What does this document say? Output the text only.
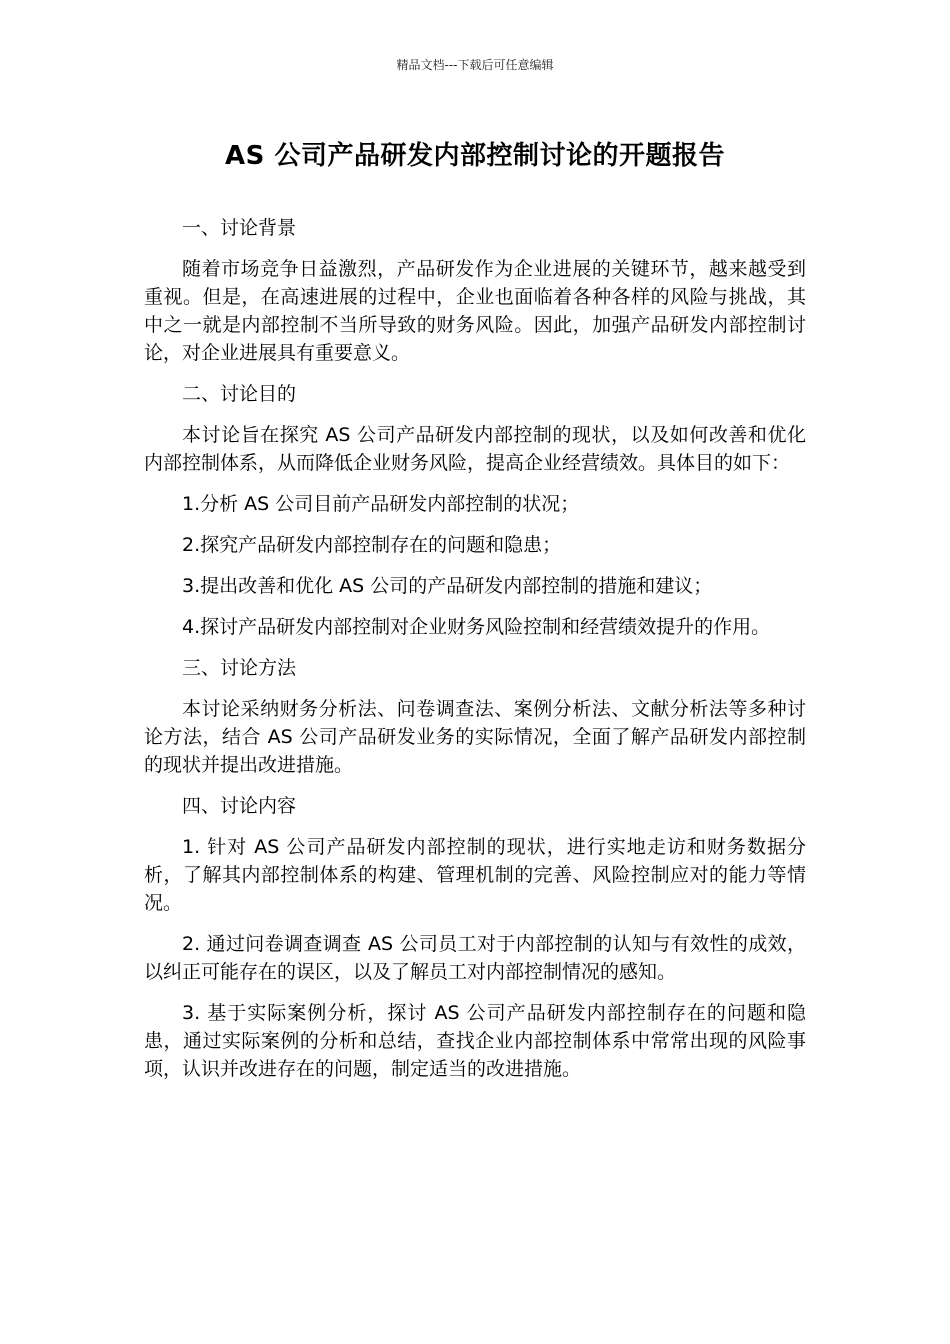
精品文档---下载后可任意编辑
AS 公司产品研发内部控制讨论的开题报告
一、讨论背景
随着市场竞争日益激烈，产品研发作为企业进展的关键环节，越来越受到重视。但是，在高速进展的过程中，企业也面临着各种各样的风险与挑战，其中之一就是内部控制不当所导致的财务风险。因此，加强产品研发内部控制讨论，对企业进展具有重要意义。
二、讨论目的
本讨论旨在探究 AS 公司产品研发内部控制的现状，以及如何改善和优化内部控制体系，从而降低企业财务风险，提高企业经营绩效。具体目的如下：
1.分析 AS 公司目前产品研发内部控制的状况；
2.探究产品研发内部控制存在的问题和隐患；
3.提出改善和优化 AS 公司的产品研发内部控制的措施和建议；
4.探讨产品研发内部控制对企业财务风险控制和经营绩效提升的作用。
三、讨论方法
本讨论采纳财务分析法、问卷调查法、案例分析法、文献分析法等多种讨论方法，结合 AS 公司产品研发业务的实际情况，全面了解产品研发内部控制的现状并提出改进措施。
四、讨论内容
1. 针对 AS 公司产品研发内部控制的现状，进行实地走访和财务数据分析，了解其内部控制体系的构建、管理机制的完善、风险控制应对的能力等情况。
2. 通过问卷调查调查 AS 公司员工对于内部控制的认知与有效性的成效，以纠正可能存在的误区，以及了解员工对内部控制情况的感知。
3. 基于实际案例分析，探讨 AS 公司产品研发内部控制存在的问题和隐患，通过实际案例的分析和总结，查找企业内部控制体系中常常出现的风险事项，认识并改进存在的问题，制定适当的改进措施。
